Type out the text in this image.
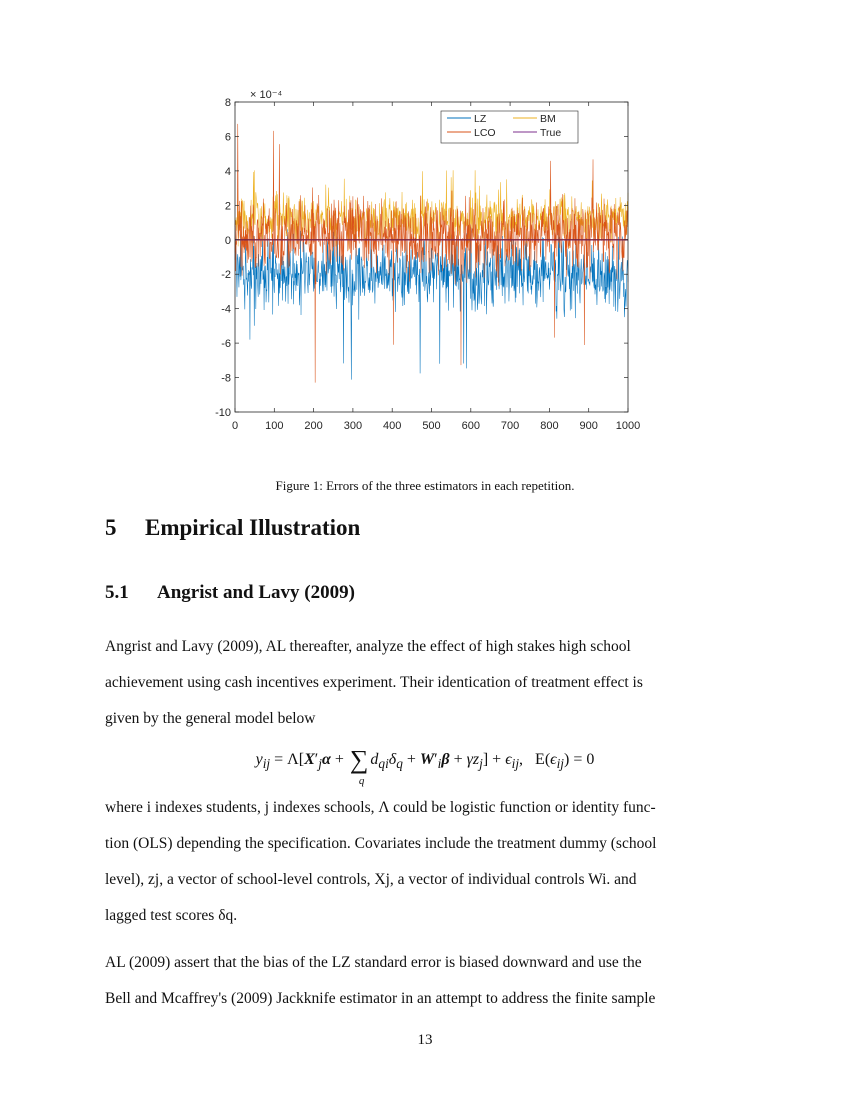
0 100 200 300 400 500 600 700 800 900 1000
8
6
4
2
0
-2
-4
-6
-8
-10
× 10⁻⁴
LZ	BM
LCO	True
Figure 1: Errors of the three estimators in each repetition.
5 Empirical Illustration
5.1 Angrist and Lavy (2009)

Angrist and Lavy (2009), AL thereafter, analyze the effect of high stakes high school
achievement using cash incentives experiment. Their identication of treatment effect is
given by the general model below

$y_{ij} = \Lambda[X'_j\alpha$ + ∑
q
$d_{qi}\delta_q + W'_i\beta + \gamma z_j] + \epsilon_{ij}$,   $E(\epsilon_{ij}) = 0$

where i indexes students, j indexes schools, Λ could be logistic function or identity func-
tion (OLS) depending the specification. Covariates include the treatment dummy (school
level), zj, a vector of school-level controls, Xj, a vector of individual controls Wi. and
lagged test scores δq.

AL (2009) assert that the bias of the LZ standard error is biased downward and use the
Bell and Mcaffrey's (2009) Jackknife estimator in an attempt to address the finite sample

13
